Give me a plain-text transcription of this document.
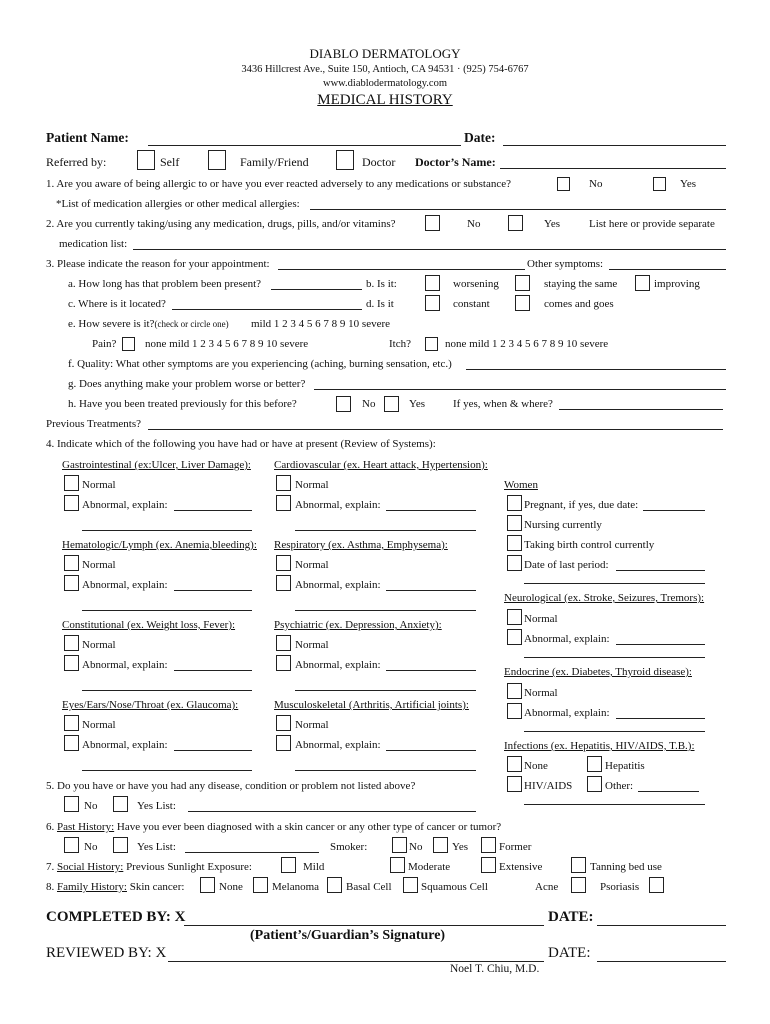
DIABLO DERMATOLOGY
3436 Hillcrest Ave., Suite 150, Antioch, CA 94531 · (925) 754-6767
www.diablodermatology.com
MEDICAL HISTORY
Patient Name:	Date:
Referred by:	Self	Family/Friend	Doctor Doctor’s Name:
1. Are you aware of being allergic to or have you ever reacted adversely to any medications or substance?	No	Yes
*List of medication allergies or other medical allergies:
2. Are you currently taking/using any medication, drugs, pills, and/or vitamins?	No	Yes	List here or provide separate
medication list:
3. Please indicate the reason for your appointment:	Other symptoms:
a. How long has that problem been present?	b. Is it:	worsening	staying the same	improving
c. Where is it located?	d. Is it	constant	comes and goes
e. How severe is it?(check or circle one) mild 1 2 3 4 5 6 7 8 9 10 severe
Pain?	none mild 1 2 3 4 5 6 7 8 9 10 severe	Itch?	none mild 1 2 3 4 5 6 7 8 9 10 severe
f. Quality: What other symptoms are you experiencing (aching, burning sensation, etc.)
g. Does anything make your problem worse or better?
h. Have you been treated previously for this before?	No	Yes	If yes, when & where?
Previous Treatments?
4. Indicate which of the following you have had or have at present (Review of Systems):
Gastrointestinal (ex:Ulcer, Liver Damage):
Normal
Abnormal, explain:
Hematologic/Lymph (ex. Anemia,bleeding):
Normal
Abnormal, explain:
Constitutional (ex. Weight loss, Fever):
Normal
Abnormal, explain:
Eyes/Ears/Nose/Throat (ex. Glaucoma):
Normal
Abnormal, explain:
Cardiovascular (ex. Heart attack, Hypertension):
Normal
Abnormal, explain:
Respiratory (ex. Asthma, Emphysema):
Normal
Abnormal, explain:
Psychiatric (ex. Depression, Anxiety):
Normal
Abnormal, explain:
Musculoskeletal (Arthritis, Artificial joints):
Normal
Abnormal, explain:
Women
Pregnant, if yes, due date:
Nursing currently
Taking birth control currently
Date of last period:
Neurological (ex. Stroke, Seizures, Tremors):
Normal
Abnormal, explain:
Endocrine (ex. Diabetes, Thyroid disease):
Normal
Abnormal, explain:
Infections (ex. Hepatitis, HIV/AIDS, T.B.):
None	Hepatitis
HIV/AIDS	Other:
5. Do you have or have you had any disease, condition or problem not listed above?
No	Yes List:
6. Past History: Have you ever been diagnosed with a skin cancer or any other type of cancer or tumor?
No	Yes List:	Smoker:	No	Yes	Former
7. Social History: Previous Sunlight Exposure:	Mild	Moderate	Extensive	Tanning bed use
8. Family History: Skin cancer:	None	Melanoma Basal Cell	Squamous Cell	Acne	Psoriasis
COMPLETED BY: X	DATE:
(Patient’s/Guardian’s Signature)
REVIEWED BY: X	DATE:
Noel T. Chiu, M.D.
